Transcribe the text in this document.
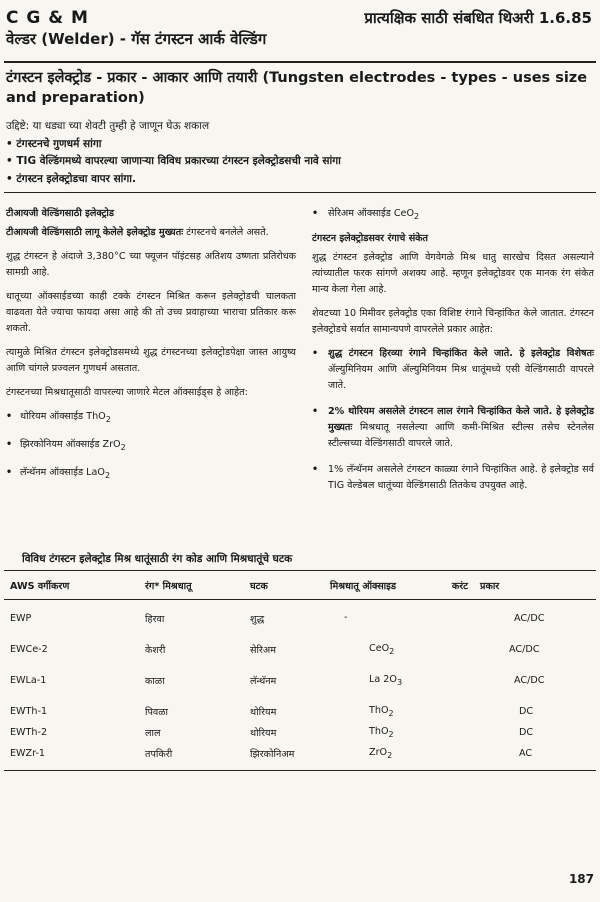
C G & M
वेल्डर (Welder) - गॅस टंगस्टन आर्क वेल्डिंग
प्रात्यक्षिक साठी संबधित थिअरी 1.6.85
टंगस्टन इलेक्ट्रोड - प्रकार - आकार आणि तयारी (Tungsten electrodes - types - uses size and preparation)
उद्दिष्टे: या धड्या च्या शेवटी तुम्ही हे जाणून घेऊ शकाल
• टंगस्टनचे गुणधर्म सांगा
• TIG वेल्डिंगमध्ये वापरल्या जाणाऱ्या विविध प्रकारच्या टंगस्टन इलेक्ट्रोडसची नावे सांगा
• टंगस्टन इलेक्ट्रोडचा वापर सांगा.
टीआयजी वेल्डिंगसाठी इलेक्ट्रोड

टीआयजी वेल्डिंगसाठी लागू केलेले इलेक्ट्रोड मुख्यतः टंगस्टनचे बनलेले असते.

शुद्ध टंगस्टन हे अंदाजे 3,380°C च्या फ्यूजन पॉइंटसह अतिशय उष्णता प्रतिरोधक सामग्री आहे.

धातूच्या ऑक्साईडच्या काही टक्के टंगस्टन मिश्रित करून इलेक्ट्रोडची चालकता वाढवता येते ज्याचा फायदा असा आहे की तो उच्च प्रवाहाच्या भाराचा प्रतिकार करू शकतो.

त्यामुळे मिश्रित टंगस्टन इलेक्ट्रोडसमध्ये शुद्ध टंगस्टनच्या इलेक्ट्रोडपेक्षा जास्त आयुष्य आणि चांगले प्रज्वलन गुणधर्म असतात.

टंगस्टनच्या मिश्रधातूसाठी वापरल्या जाणारे मेटल ऑक्साईड्स हे आहेत:

• थोरियम ऑक्साईड ThO$_2$
• झिरकोनियम ऑक्साईड ZrO$_2$
• लॅन्थॅनम ऑक्साईड LaO$_2$
• सेरिअम ऑक्साईड CeO$_2$
टंगस्टन इलेक्ट्रोडसवर रंगाचे संकेत

शुद्ध टंगस्टन इलेक्ट्रोड आणि वेगवेगळे मिश्र धातु सारखेच दिसत असल्याने त्यांच्यातील फरक सांगणे अशक्य आहे. म्हणून इलेक्ट्रोडवर एक मानक रंग संकेत मान्य केला गेला आहे.

शेवटच्या 10 मिमीवर इलेक्ट्रोड एका विशिष्ट रंगाने चिन्हांकित केले जातात. टंगस्टन इलेक्ट्रोडचे सर्वात सामान्यपणे वापरलेले प्रकार आहेत:

• शुद्ध टंगस्टन हिरव्या रंगाने चिन्हांकित केले जाते. हे इलेक्ट्रोड विशेषतः ॲल्युमिनियम आणि ॲल्युमिनियम मिश्र धातूंमध्ये एसी वेल्डिंगसाठी वापरले जाते.
• 2% थोरियम असलेले टंगस्टन लाल रंगाने चिन्हांकित केले जाते. हे इलेक्ट्रोड मुख्यतः मिश्रधातू नसलेल्या आणि कमी-मिश्रित स्टील्स तसेच स्टेनलेस स्टील्सच्या वेल्डिंगसाठी वापरले जाते.
• 1% लॅन्थॅनम असलेले टंगस्टन काळ्या रंगाने चिन्हांकित आहे. हे इलेक्ट्रोड सर्व TIG वेल्डेबल धातूंच्या वेल्डिंगसाठी तितकेच उपयुक्त आहे.
विविध टंगस्टन इलेक्ट्रोड मिश्र धातूंसाठी रंग कोड आणि मिश्रधातूंचे घटक
AWS वर्गीकरण	रंग* मिश्रधातू	घटक	मिश्रधातू ऑक्साइड	करंट	प्रकार
EWP	हिरवा	शुद्ध	-		AC/DC
EWCe-2	केशरी	सेरिअम	CeO$_2$		AC/DC
EWLa-1	काळा	लॅन्थॅनम	La $2O_3$		AC/DC
EWTh-1	पिवळा	थोरियम	ThO$_2$		DC
EWTh-2	लाल	थोरियम	ThO$_2$		DC
EWZr-1	तपकिरी	झिरकोनिअम	ZrO$_2$		AC
187
